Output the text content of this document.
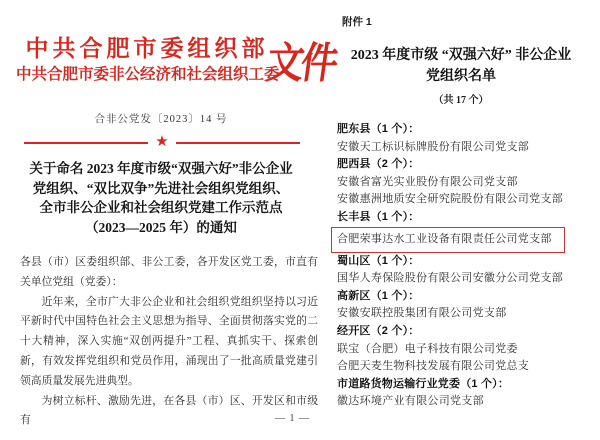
中共合肥市委组织部
中共合肥市委非公经济和社会组织工委
文件
合非公党发〔2023〕14 号
★
关于命名 2023 年度市级“双强六好”非公企业
党组织、“双比双争”先进社会组织党组织、
全市非公企业和社会组织党建工作示范点
（2023—2025 年）的通知

各县（市）区委组织部、非公工委，各开发区党工委，市直有关单位党组（党委）：

近年来，全市广大非公企业和社会组织党组织坚持以习近平新时代中国特色社会主义思想为指导、全面贯彻落实党的二十大精神，深入实施“双创两提升”工程、真抓实干、探索创新，有效发挥党组织和党员作用，涌现出了一批高质量党建引领高质量发展先进典型。

为树立标杆、激励先进，在各县（市）区、开发区和市级有	— 1 —
附件 1
2023 年度市级 “双强六好” 非公企业
党组织名单
（共 17 个）
肥东县（1 个）：
安徽天工标识标牌股份有限公司党支部
肥西县（2 个）：
安徽省富光实业股份有限公司党支部
安徽惠洲地质安全研究院股份有限公司党支部
长丰县（1 个）：
合肥荣事达水工业设备有限责任公司党支部
蜀山区（1 个）：
国华人寿保险股份有限公司安徽分公司党支部
高新区（1 个）：
安徽安联控股集团有限公司党支部
经开区（2 个）：
联宝（合肥）电子科技有限公司党委
合肥天麦生物科技发展有限公司党总支
市道路货物运输行业党委（1 个）：
徽达环境产业有限公司党支部
